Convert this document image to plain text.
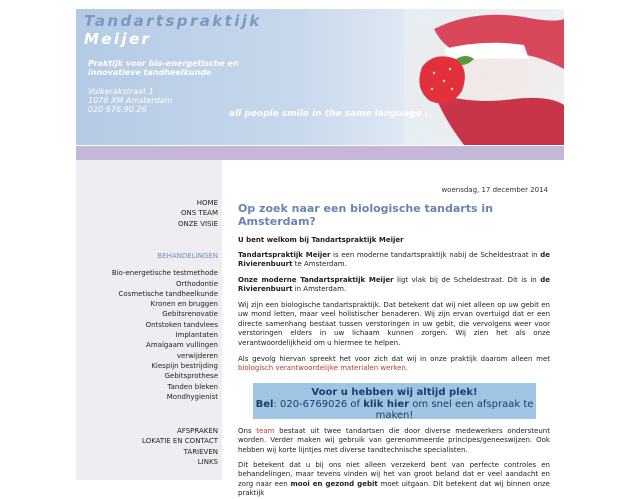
Tandartspraktijk
Meijer
Praktijk voor bio-energetische en
innovatieve tandheelkunde
Volkerakstraat 1
1078 XM Amsterdam
020 676.90.26	all people smile in the same language .
HOME
ONS TEAM
ONZE VISIE
BEHANDELINGEN
Bio-energetische testmethode
Orthodontie
Cosmetische tandheelkunde
Kronen en bruggen
Gebitsrenovatie
Ontstoken tandvlees
Implantaten
Amalgaam vullingen
verwijderen
Kiespijn bestrijding
Gebitsprothese
Tanden bleken
Mondhygienist
AFSPRAKEN
LOKATIE EN CONTACT
TARIEVEN
LINKS
woensdag, 17 december 2014
Op zoek naar een biologische tandarts in Amsterdam?
U bent welkom bij Tandartspraktijk Meijer
Tandartspraktijk Meijer is een moderne tandartspraktijk nabij de Scheldestraat in de Rivierenbuurt te Amsterdam.
Onze moderne Tandartspraktijk Meijer ligt vlak bij de Scheldestraat. Dit is in de Rivierenbuurt in Amsterdam.
Wij zijn een biologische tandartspraktijk. Dat betekent dat wij niet alleen op uw gebit en uw mond letten, maar veel holistischer benaderen. Wij zijn ervan overtuigd dat er een directe samenhang bestaat tussen verstoringen in uw gebit, die vervolgens weer voor verstoringen elders in uw lichaam kunnen zorgen. Wij zien het als onze verantwoordelijkheid om u hiermee te helpen.
Als gevolg hiervan spreekt het voor zich dat wij in onze praktijk daarom alleen met biologisch verantwoordelijke materialen werken.
Voor u hebben wij altijd plek!
Bel: 020-6769026 of klik hier om snel een afspraak te maken!
Ons team bestaat uit twee tandartsen die door diverse medewerkers ondersteunt worden. Verder maken wij gebruik van gerenommeerde principes/geneeswijzen. Ook hebben wij korte lijntjes met diverse tandtechnische specialisten.
Dit betekent dat u bij ons niet alleen verzekerd bent van perfecte controles en behandelingen, maar tevens vinden wij het van groot beland dat er veel aandacht en zorg naar een mooi en gezond gebit moet uitgaan. Dit betekent dat wij binnen onze praktijk
